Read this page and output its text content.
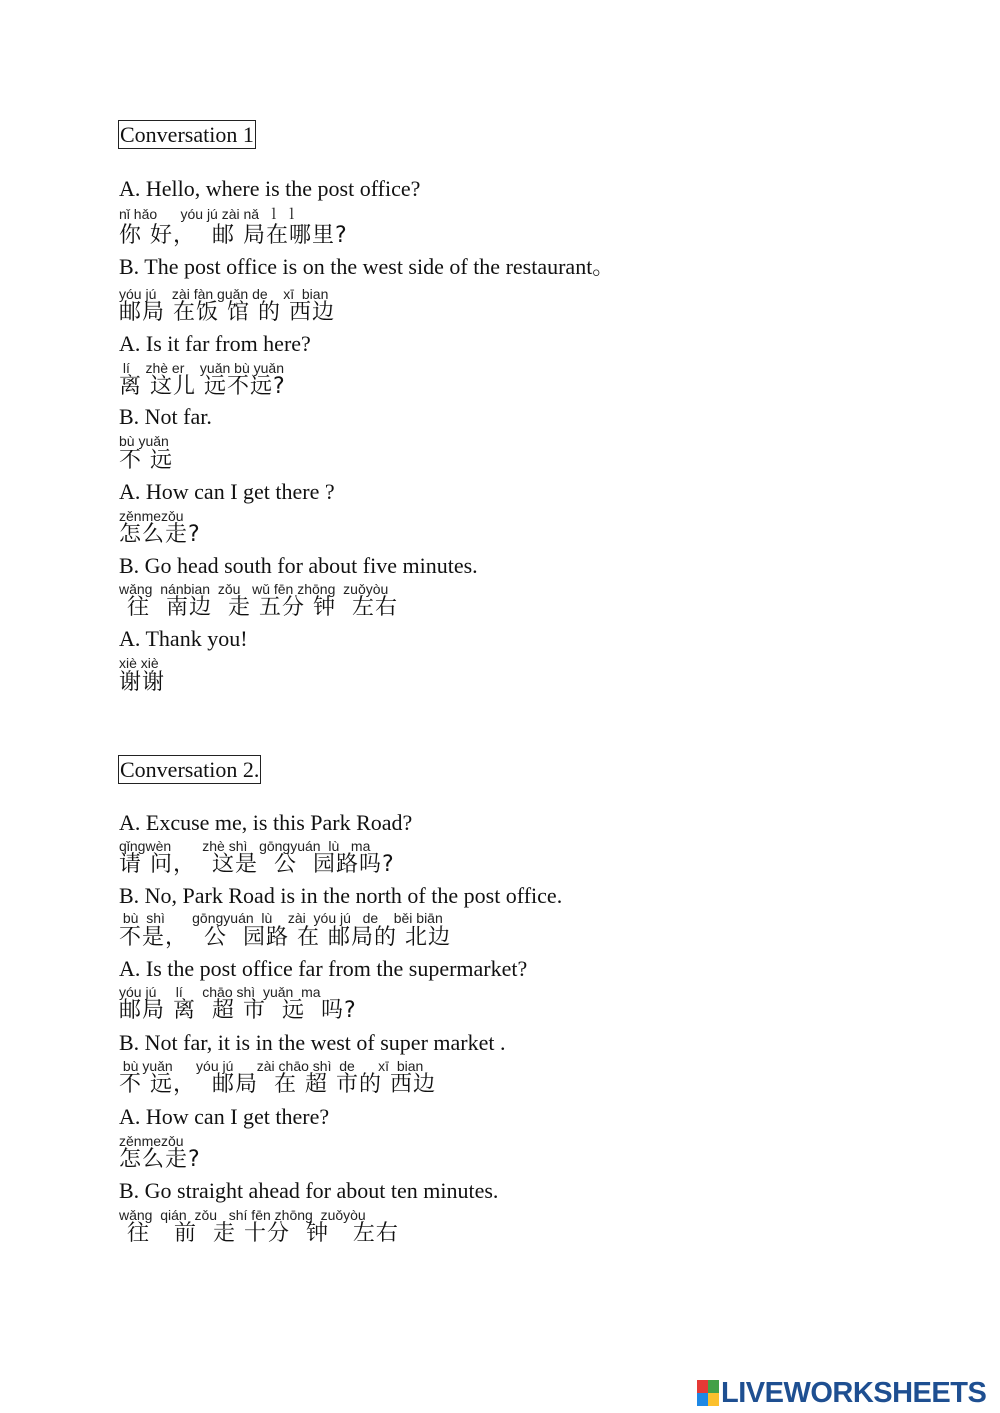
Conversation 1
A. Hello, where is the post office?
nǐ hǎo      yóu jú zài nǎ  ｌ ｌ
你 好，  邮 局在哪里?
B. The post office is on the west side of the restaurant。
yóu jú    zài fàn guǎn de    xī  bian
邮局 在饭 馆 的 西边
A. Is it far from here?
lí    zhè er    yuǎn bù yuǎn
离 这儿 远不远?
B. Not far.
bù yuǎn
不 远
A. How can I get there ?
zěnmezǒu
怎么走?
B. Go head south for about five minutes.
wǎng  nánbian  zǒu   wǔ fēn zhōng  zuǒyòu
往  南边  走 五分 钟  左右
A. Thank you!
xiè xiè
谢谢
Conversation 2.
A. Excuse me, is this Park Road?
qǐngwèn        zhè shì   gōngyuán  lù   ma
请 问，  这是  公  园路吗?
B. No, Park Road is in the north of the post office.
bù  shì       gōngyuán  lù    zài  yóu jú   de    běi biān
不是，  公  园路 在 邮局的 北边
A. Is the post office far from the supermarket?
yóu jú     lí     chāo shì  yuǎn  ma
邮局 离  超 市  远  吗?
B. Not far, it is in the west of super market .
bù yuǎn      yóu jú      zài chāo shì  de      xī  bian
不 远，  邮局  在 超 市的 西边
A. How can I get there?
zěnmezǒu
怎么走?
B. Go straight ahead for about ten minutes.
wǎng  qián  zǒu   shí fēn zhōng  zuǒyòu
往   前  走 十分  钟   左右
LIVEWORKSHEETS
